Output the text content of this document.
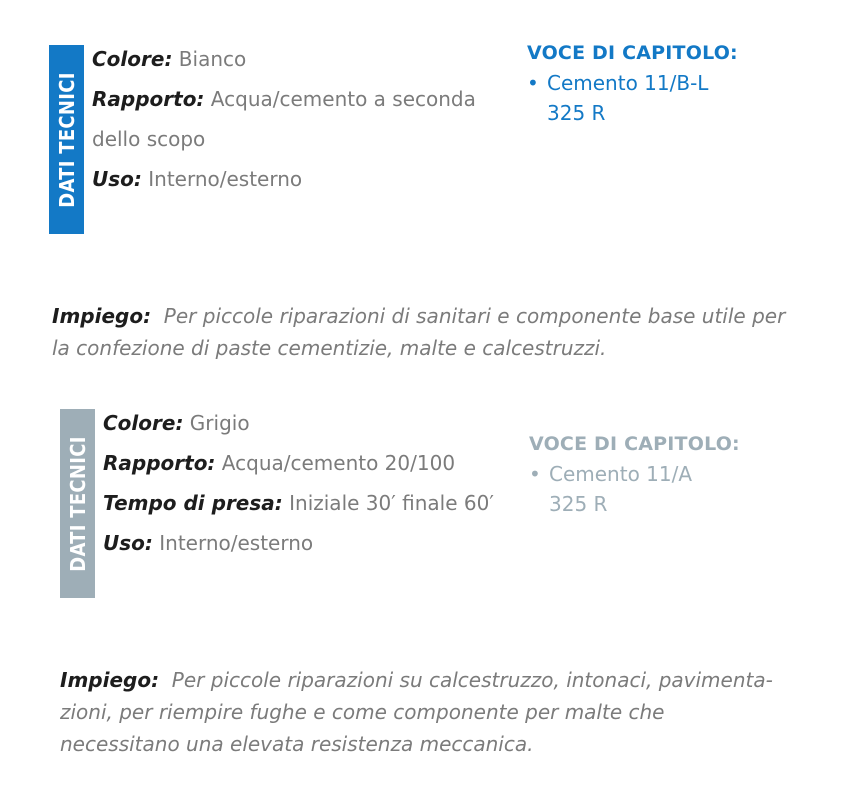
DATI TECNICI
Colore: Bianco
Rapporto: Acqua/cemento a seconda
dello scopo
Uso: Interno/esterno
VOCE DI CAPITOLO:
• Cemento 11/B-L
325 R
Impiego: Per piccole riparazioni di sanitari e componente base utile per
la confezione di paste cementizie, malte e calcestruzzi.
DATI TECNICI
Colore: Grigio
Rapporto: Acqua/cemento 20/100
Tempo di presa: Iniziale 30′ finale 60′
Uso: Interno/esterno
VOCE DI CAPITOLO:
• Cemento 11/A
325 R
Impiego: Per piccole riparazioni su calcestruzzo, intonaci, pavimenta-
zioni, per riempire fughe e come componente per malte che
necessitano una elevata resistenza meccanica.
